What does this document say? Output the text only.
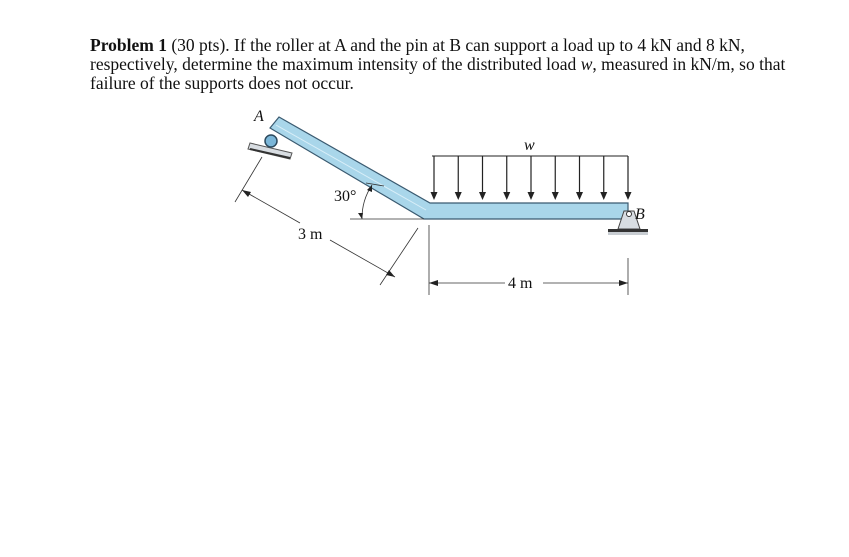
Problem 1 (30 pts). If the roller at A and the pin at B can support a load up to 4 kN and 8 kN, respectively, determine the maximum intensity of the distributed load w, measured in kN/m, so that failure of the supports does not occur.
A
B
w
30°
3 m
4 m
